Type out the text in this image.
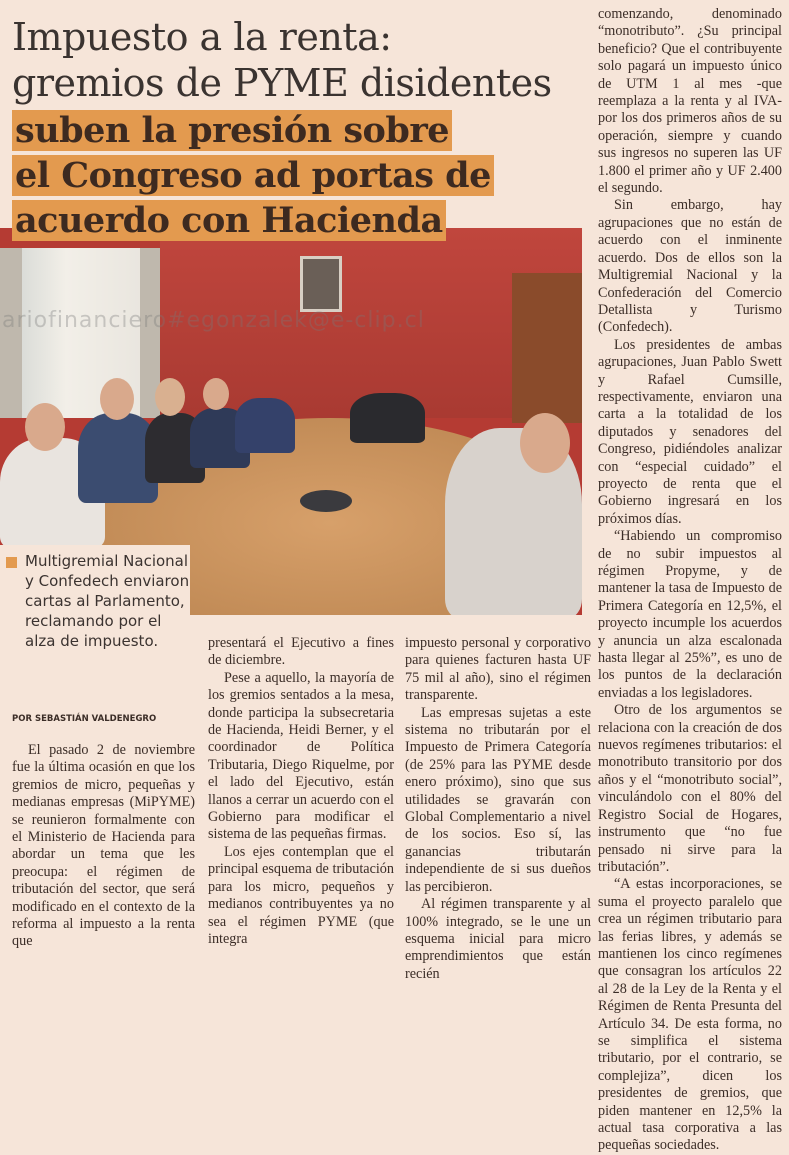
ariofinanciero#egonzalek@e-clip.cl
Impuesto a la renta:
gremios de PYME disidentes
suben la presión sobre
el Congreso ad portas de
acuerdo con Hacienda
Multigremial Nacional y Confedech enviaron cartas al Parlamento, reclamando por el alza de impuesto.
POR SEBASTIÁN VALDENEGRO

El pasado 2 de noviembre fue la última ocasión en que los gremios de micro, pequeñas y medianas empresas (MiPYME) se reunieron formalmente con el Ministerio de Hacienda para abordar un tema que les preocupa: el régimen de tributación del sector, que será modificado en el contexto de la reforma al impuesto a la renta que

presentará el Ejecutivo a fines de diciembre.

Pese a aquello, la mayoría de los gremios sentados a la mesa, donde participa la subsecretaria de Hacienda, Heidi Berner, y el coordinador de Política Tributaria, Diego Riquelme, por el lado del Ejecutivo, están llanos a cerrar un acuerdo con el Gobierno para modificar el sistema de las pequeñas firmas.

Los ejes contemplan que el principal esquema de tributación para los micro, pequeños y medianos contribuyentes ya no sea el régimen PYME (que integra

impuesto personal y corporativo para quienes facturen hasta UF 75 mil al año), sino el régimen transparente.

Las empresas sujetas a este sistema no tributarán por el Impuesto de Primera Categoría (de 25% para las PYME desde enero próximo), sino que sus utilidades se gravarán con Global Complementario a nivel de los socios. Eso sí, las ganancias tributarán independiente de si sus dueños las percibieron.

Al régimen transparente y al 100% integrado, se le une un esquema inicial para micro emprendimientos que están recién

comenzando, denominado “monotributo”. ¿Su principal beneficio? Que el contribuyente solo pagará un impuesto único de UTM 1 al mes -que reemplaza a la renta y al IVA- por los dos primeros años de su operación, siempre y cuando sus ingresos no superen las UF 1.800 el primer año y UF 2.400 el segundo.

Sin embargo, hay agrupaciones que no están de acuerdo con el inminente acuerdo. Dos de ellos son la Multigremial Nacional y la Confederación del Comercio Detallista y Turismo (Confedech).

Los presidentes de ambas agrupaciones, Juan Pablo Swett y Rafael Cumsille, respectivamente, enviaron una carta a la totalidad de los diputados y senadores del Congreso, pidiéndoles analizar con “especial cuidado” el proyecto de renta que el Gobierno ingresará en los próximos días.

“Habiendo un compromiso de no subir impuestos al régimen Propyme, y de mantener la tasa de Impuesto de Primera Categoría en 12,5%, el proyecto incumple los acuerdos y anuncia un alza escalonada hasta llegar al 25%”, es uno de los puntos de la declaración enviadas a los legisladores.

Otro de los argumentos se relaciona con la creación de dos nuevos regímenes tributarios: el monotributo transitorio por dos años y el “monotributo social”, vinculándolo con el 80% del Registro Social de Hogares, instrumento que “no fue pensado ni sirve para la tributación”.

“A estas incorporaciones, se suma el proyecto paralelo que crea un régimen tributario para las ferias libres, y además se mantienen los cinco regímenes que consagran los artículos 22 al 28 de la Ley de la Renta y el Régimen de Renta Presunta del Artículo 34. De esta forma, no se simplifica el sistema tributario, por el contrario, se complejiza”, dicen los presidentes de gremios, que piden mantener en 12,5% la actual tasa corporativa a las pequeñas sociedades.
